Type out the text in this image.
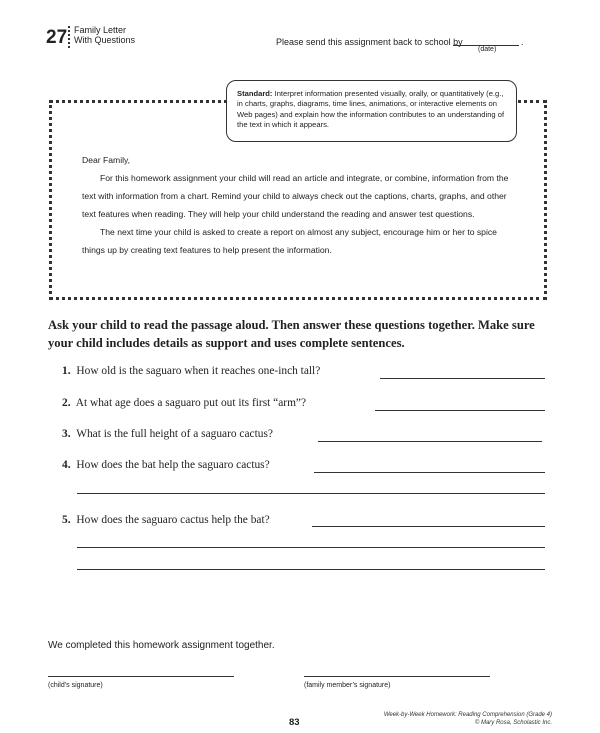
27 Family Letter
With Questions	Please send this assignment back to school by	.
(date)
Standard: Interpret information presented visually, orally, or quantitatively (e.g., in charts, graphs, diagrams, time lines, animations, or interactive elements on Web pages) and explain how the information contributes to an understanding of the text in which it appears.

Dear Family,

For this homework assignment your child will read an article and integrate, or combine, information from the text with information from a chart. Remind your child to always check out the captions, charts, graphs, and other text features when reading. They will help your child understand the reading and answer test questions.

The next time your child is asked to create a report on almost any subject, encourage him or her to spice things up by creating text features to help present the information.

Ask your child to read the passage aloud. Then answer these questions together. Make sure your child includes details as support and uses complete sentences.
1. How old is the saguaro when it reaches one-inch tall?
2. At what age does a saguaro put out its first “arm”?
3. What is the full height of a saguaro cactus?
4. How does the bat help the saguaro cactus?
5. How does the saguaro cactus help the bat?
We completed this homework assignment together.
(child’s signature)	(family member’s signature)
83
Week-by-Week Homework: Reading Comprehension (Grade 4)
© Mary Rosa, Scholastic Inc.
